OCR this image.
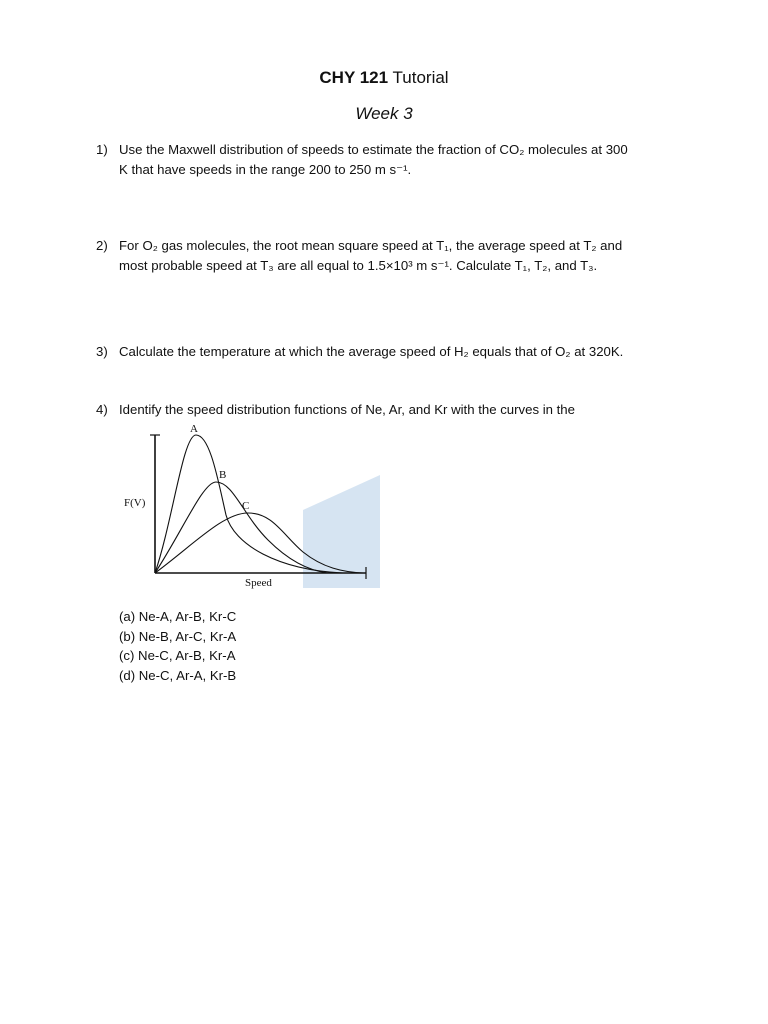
CHY 121 Tutorial
Week 3
1) Use the Maxwell distribution of speeds to estimate the fraction of CO₂ molecules at 300
K that have speeds in the range 200 to 250 m s⁻¹.
2) For O₂ gas molecules, the root mean square speed at T₁, the average speed at T₂ and
most probable speed at T₃ are all equal to 1.5×10³ m s⁻¹. Calculate T₁, T₂, and T₃.
3) Calculate the temperature at which the average speed of H₂ equals that of O₂ at 320K.
4) Identify the speed distribution functions of Ne, Ar, and Kr with the curves in the
A
B
C
F(V)
Speed
(a) Ne-A, Ar-B, Kr-C
(b) Ne-B, Ar-C, Kr-A
(c) Ne-C, Ar-B, Kr-A
(d) Ne-C, Ar-A, Kr-B
